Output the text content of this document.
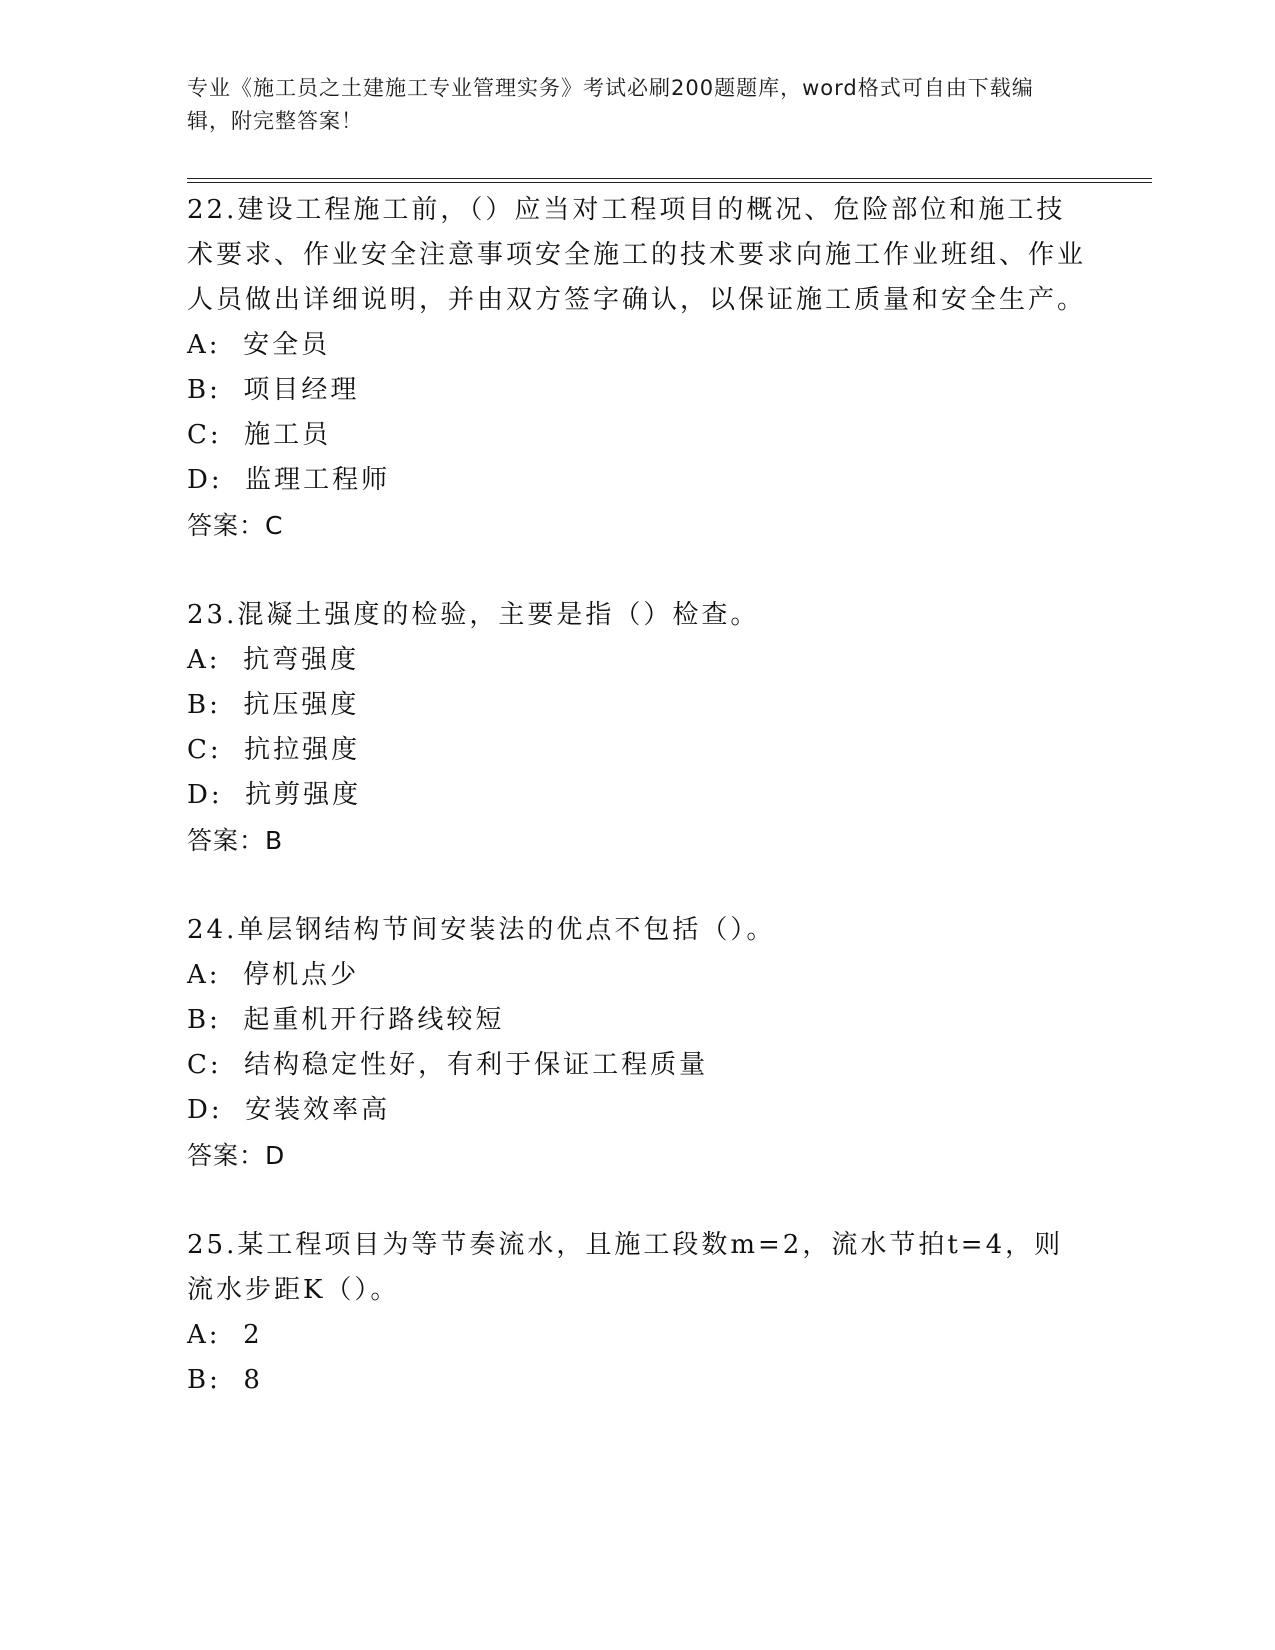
专业《施工员之土建施工专业管理实务》考试必刷200题题库，word格式可自由下载编辑，附完整答案！

22.建设工程施工前，（）应当对工程项目的概况、危险部位和施工技术要求、作业安全注意事项安全施工的技术要求向施工作业班组、作业人员做出详细说明，并由双方签字确认，以保证施工质量和安全生产。

A:  安全员

B:  项目经理

C:  施工员

D:  监理工程师

答案：C

23.混凝土强度的检验，主要是指（）检查。

A:  抗弯强度

B:  抗压强度

C:  抗拉强度

D:  抗剪强度

答案：B

24.单层钢结构节间安装法的优点不包括（）。

A:  停机点少

B:  起重机开行路线较短

C:  结构稳定性好，有利于保证工程质量

D:  安装效率高

答案：D

25.某工程项目为等节奏流水，且施工段数m=2，流水节拍t=4，则流水步距K（）。

A:  2

B:  8
